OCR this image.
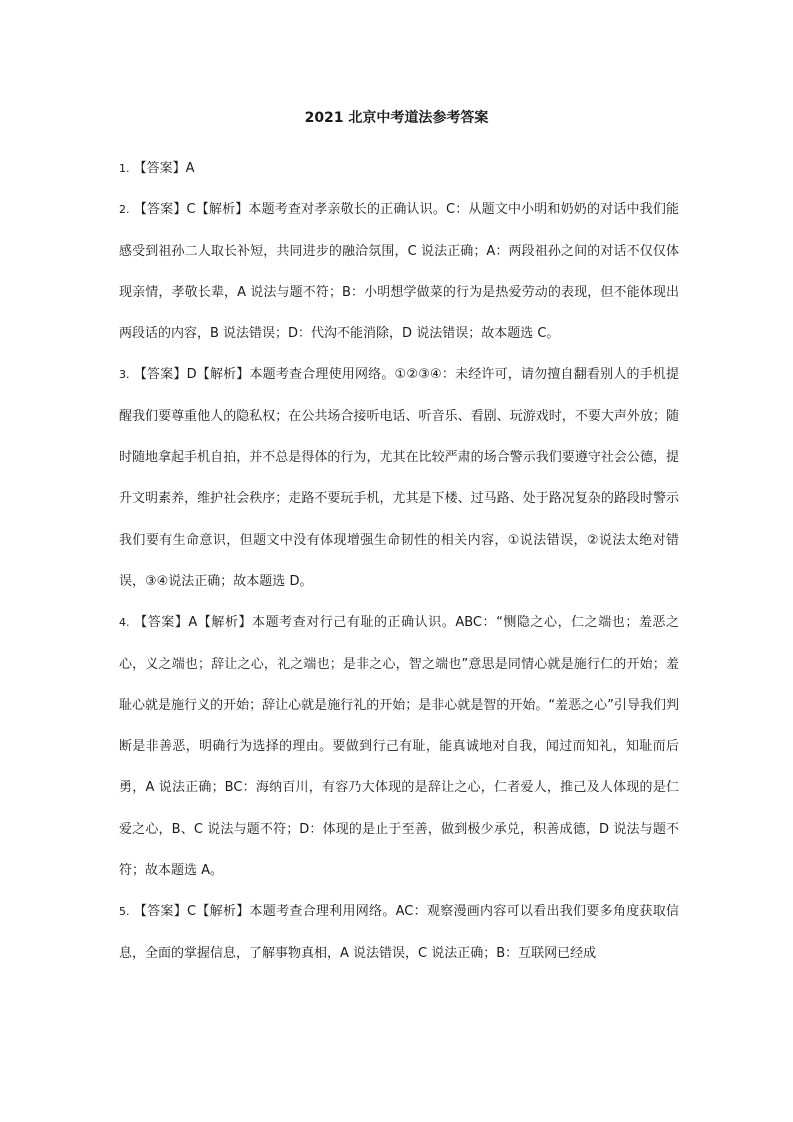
2021 北京中考道法参考答案

1. 【答案】A

2. 【答案】C【解析】本题考查对孝亲敬长的正确认识。C：从题文中小明和奶奶的对话中我们能感受到祖孙二人取长补短，共同进步的融洽氛围，C 说法正确；A：两段祖孙之间的对话不仅仅体现亲情，孝敬长辈，A 说法与题不符；B：小明想学做菜的行为是热爱劳动的表现，但不能体现出两段话的内容，B 说法错误；D：代沟不能消除，D 说法错误；故本题选 C。

3. 【答案】D【解析】本题考查合理使用网络。①②③④：未经许可，请勿擅自翻看别人的手机提醒我们要尊重他人的隐私权；在公共场合接听电话、听音乐、看剧、玩游戏时，不要大声外放；随时随地拿起手机自拍，并不总是得体的行为，尤其在比较严肃的场合警示我们要遵守社会公德，提升文明素养，维护社会秩序；走路不要玩手机，尤其是下楼、过马路、处于路况复杂的路段时警示我们要有生命意识，但题文中没有体现增强生命韧性的相关内容，①说法错误，②说法太绝对错误，③④说法正确；故本题选 D。

4. 【答案】A【解析】本题考查对行己有耻的正确认识。ABC：“恻隐之心，仁之端也；羞恶之心，义之端也；辞让之心，礼之端也；是非之心，智之端也”意思是同情心就是施行仁的开始；羞耻心就是施行义的开始；辞让心就是施行礼的开始；是非心就是智的开始。“羞恶之心”引导我们判断是非善恶，明确行为选择的理由。要做到行己有耻，能真诚地对自我，闻过而知礼，知耻而后勇，A 说法正确；BC：海纳百川，有容乃大体现的是辞让之心，仁者爱人，推己及人体现的是仁爱之心，B、C 说法与题不符；D：体现的是止于至善，做到极少承兑，积善成德，D 说法与题不符；故本题选 A。

5. 【答案】C【解析】本题考查合理利用网络。AC：观察漫画内容可以看出我们要多角度获取信息，全面的掌握信息，了解事物真相，A 说法错误，C 说法正确；B：互联网已经成
